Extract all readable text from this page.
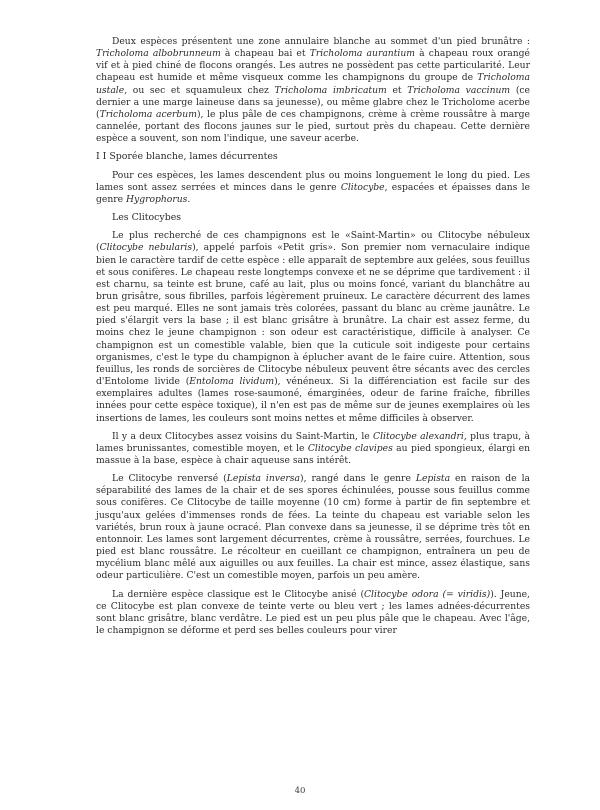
Deux espèces présentent une zone annulaire blanche au sommet d'un pied brunâtre : Tricholoma albobrunneum à chapeau bai et Tricholoma aurantium à chapeau roux orangé vif et à pied chiné de flocons orangés. Les autres ne possèdent pas cette particularité. Leur chapeau est humide et même visqueux comme les champignons du groupe de Tricholoma ustale, ou sec et squamuleux chez Tricholoma imbricatum et Tricholoma vaccinum (ce dernier a une marge laineuse dans sa jeunesse), ou même glabre chez le Tricholome acerbe (Tricholoma acerbum), le plus pâle de ces champignons, crème à crème roussâtre à marge cannelée, portant des flocons jaunes sur le pied, surtout près du chapeau. Cette dernière espèce a souvent, son nom l'indique, une saveur acerbe.

I I Sporée blanche, lames décurrentes

Pour ces espèces, les lames descendent plus ou moins longuement le long du pied. Les lames sont assez serrées et minces dans le genre Clitocybe, espacées et épaisses dans le genre Hygrophorus.

Les Clitocybes

Le plus recherché de ces champignons est le «Saint-Martin» ou Clitocybe nébuleux (Clitocybe nebularis), appelé parfois «Petit gris». Son premier nom vernaculaire indique bien le caractère tardif de cette espèce : elle apparaît de septembre aux gelées, sous feuillus et sous conifères. Le chapeau reste longtemps convexe et ne se déprime que tardivement : il est charnu, sa teinte est brune, café au lait, plus ou moins foncé, variant du blanchâtre au brun grisâtre, sous fibrilles, parfois légèrement pruineux. Le caractère décurrent des lames est peu marqué. Elles ne sont jamais très colorées, passant du blanc au crème jaunâtre. Le pied s'élargit vers la base ; il est blanc grisâtre à brunâtre. La chair est assez ferme, du moins chez le jeune champignon : son odeur est caractéristique, difficile à analyser. Ce champignon est un comestible valable, bien que la cuticule soit indigeste pour certains organismes, c'est le type du champignon à éplucher avant de le faire cuire. Attention, sous feuillus, les ronds de sorcières de Clitocybe nébuleux peuvent être sécants avec des cercles d'Entolome livide (Entoloma lividum), vénéneux. Si la différenciation est facile sur des exemplaires adultes (lames rose-saumoné, émarginées, odeur de farine fraîche, fibrilles innées pour cette espèce toxique), il n'en est pas de même sur de jeunes exemplaires où les insertions de lames, les couleurs sont moins nettes et même difficiles à observer.

Il y a deux Clitocybes assez voisins du Saint-Martin, le Clitocybe alexandri, plus trapu, à lames brunissantes, comestible moyen, et le Clitocybe clavipes au pied spongieux, élargi en massue à la base, espèce à chair aqueuse sans intérêt.

Le Clitocybe renversé (Lepista inversa), rangé dans le genre Lepista en raison de la séparabilité des lames de la chair et de ses spores échinulées, pousse sous feuillus comme sous conifères. Ce Clitocybe de taille moyenne (10 cm) forme à partir de fin septembre et jusqu'aux gelées d'immenses ronds de fées. La teinte du chapeau est variable selon les variétés, brun roux à jaune ocracé. Plan convexe dans sa jeunesse, il se déprime très tôt en entonnoir. Les lames sont largement décurrentes, crème à roussâtre, serrées, fourchues. Le pied est blanc roussâtre. Le récolteur en cueillant ce champignon, entraînera un peu de mycélium blanc mêlé aux aiguilles ou aux feuilles. La chair est mince, assez élastique, sans odeur particulière. C'est un comestible moyen, parfois un peu amère.

La dernière espèce classique est le Clitocybe anisé (Clitocybe odora (= viridis)). Jeune, ce Clitocybe est plan convexe de teinte verte ou bleu vert ; les lames adnées-décurrentes sont blanc grisâtre, blanc verdâtre. Le pied est un peu plus pâle que le chapeau. Avec l'âge, le champignon se déforme et perd ses belles couleurs pour virer

40
